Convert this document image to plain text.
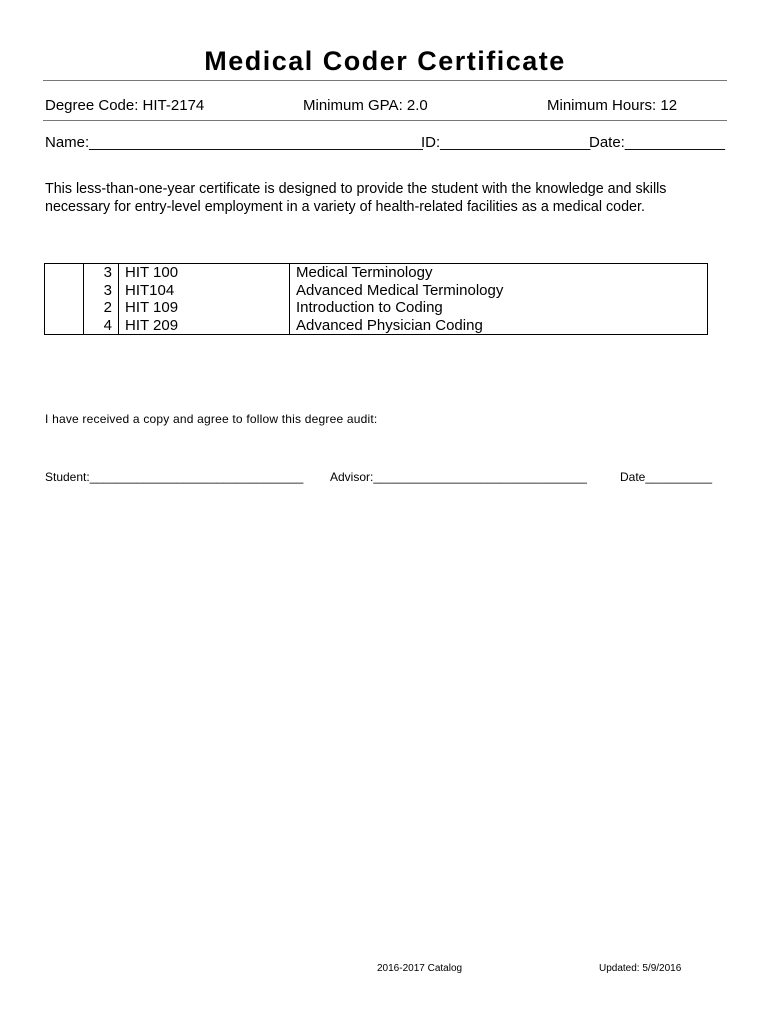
Medical Coder Certificate
Degree Code: HIT-2174	Minimum GPA: 2.0	Minimum Hours: 12
Name:________________________________________
ID:__________________
Date:____________
This less-than-one-year certificate is designed to provide the student with the knowledge and skills necessary for entry-level employment in a variety of health-related facilities as a medical coder.
	3	HIT 100	Medical Terminology
	3	HIT104	Advanced Medical Terminology
	2	HIT 109	Introduction to Coding
	4	HIT 209	Advanced Physician Coding
I have received a copy and agree to follow this degree audit:
Student:________________________________ Advisor:________________________________	Date__________
2016-2017 Catalog	Updated: 5/9/2016
